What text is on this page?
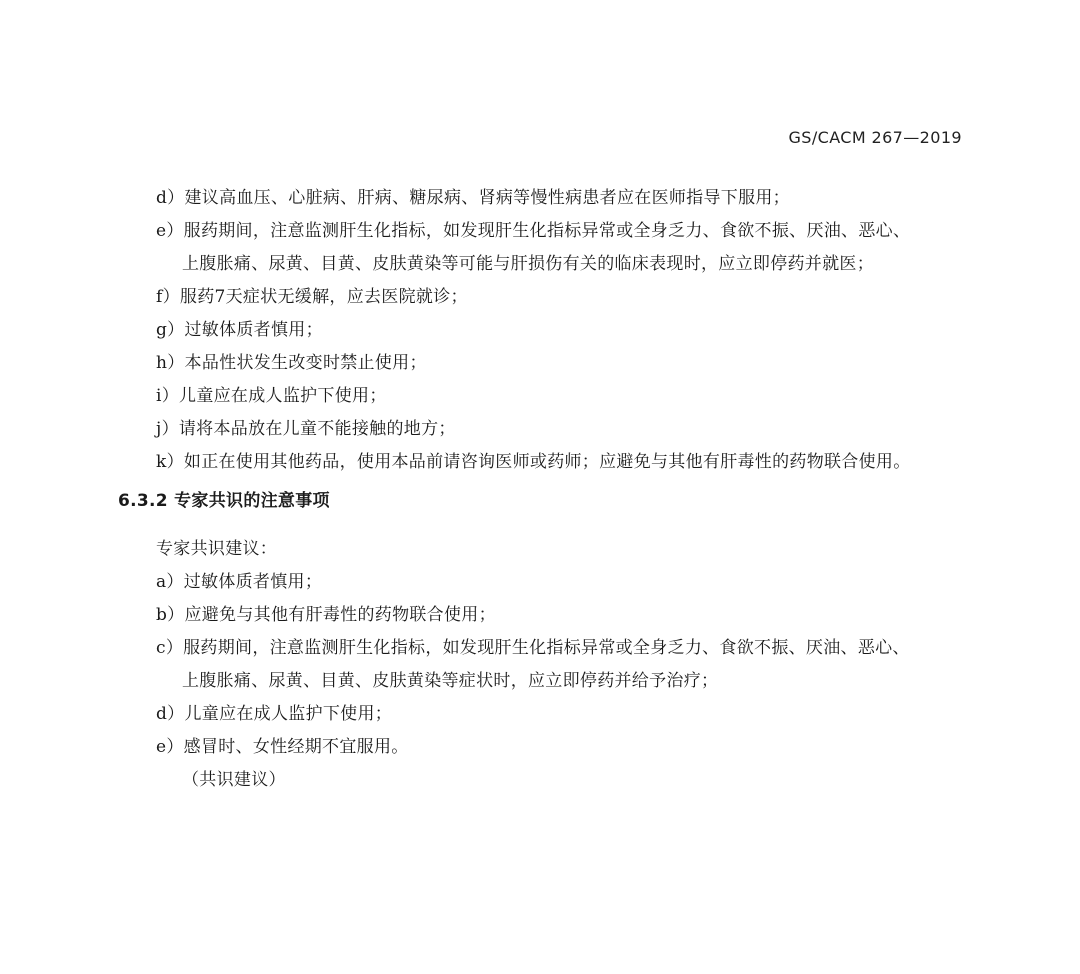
GS/CACM 267—2019
d）建议高血压、心脏病、肝病、糖尿病、肾病等慢性病患者应在医师指导下服用；
e）服药期间，注意监测肝生化指标，如发现肝生化指标异常或全身乏力、食欲不振、厌油、恶心、
上腹胀痛、尿黄、目黄、皮肤黄染等可能与肝损伤有关的临床表现时，应立即停药并就医；
f）服药7天症状无缓解，应去医院就诊；
g）过敏体质者慎用；
h）本品性状发生改变时禁止使用；
i）儿童应在成人监护下使用；
j）请将本品放在儿童不能接触的地方；
k）如正在使用其他药品，使用本品前请咨询医师或药师；应避免与其他有肝毒性的药物联合使用。
6.3.2 专家共识的注意事项
专家共识建议：
a）过敏体质者慎用；
b）应避免与其他有肝毒性的药物联合使用；
c）服药期间，注意监测肝生化指标，如发现肝生化指标异常或全身乏力、食欲不振、厌油、恶心、
上腹胀痛、尿黄、目黄、皮肤黄染等症状时，应立即停药并给予治疗；
d）儿童应在成人监护下使用；
e）感冒时、女性经期不宜服用。
（共识建议）
